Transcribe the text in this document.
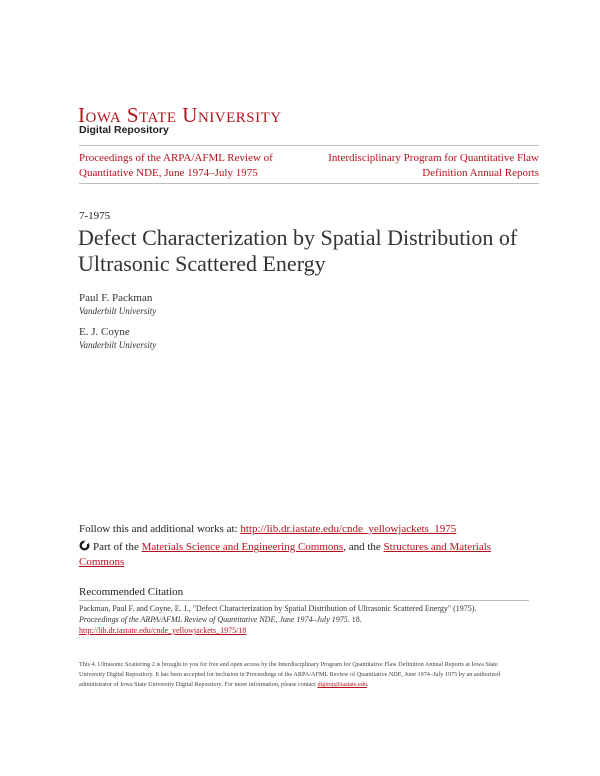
Iowa State University
Digital Repository
Proceedings of the ARPA/AFML Review of Quantitative NDE, June 1974–July 1975
Interdisciplinary Program for Quantitative Flaw Definition Annual Reports
7-1975
Defect Characterization by Spatial Distribution of Ultrasonic Scattered Energy
Paul F. Packman
Vanderbilt University
E. J. Coyne
Vanderbilt University
Follow this and additional works at: http://lib.dr.iastate.edu/cnde_yellowjackets_1975
Part of the Materials Science and Engineering Commons, and the Structures and Materials Commons
Recommended Citation
Packman, Paul F. and Coyne, E. J., "Defect Characterization by Spatial Distribution of Ultrasonic Scattered Energy" (1975).
Proceedings of the ARPA/AFML Review of Quantitative NDE, June 1974–July 1975. 18.
http://lib.dr.iastate.edu/cnde_yellowjackets_1975/18
This 4. Ultrasonic Scattering 2 is brought to you for free and open access by the Interdisciplinary Program for Quantitative Flaw Definition Annual Reports at Iowa State University Digital Repository. It has been accepted for inclusion in Proceedings of the ARPA/AFML Review of Quantitative NDE, June 1974–July 1975 by an authorized administrator of Iowa State University Digital Repository. For more information, please contact digirep@iastate.edu.
